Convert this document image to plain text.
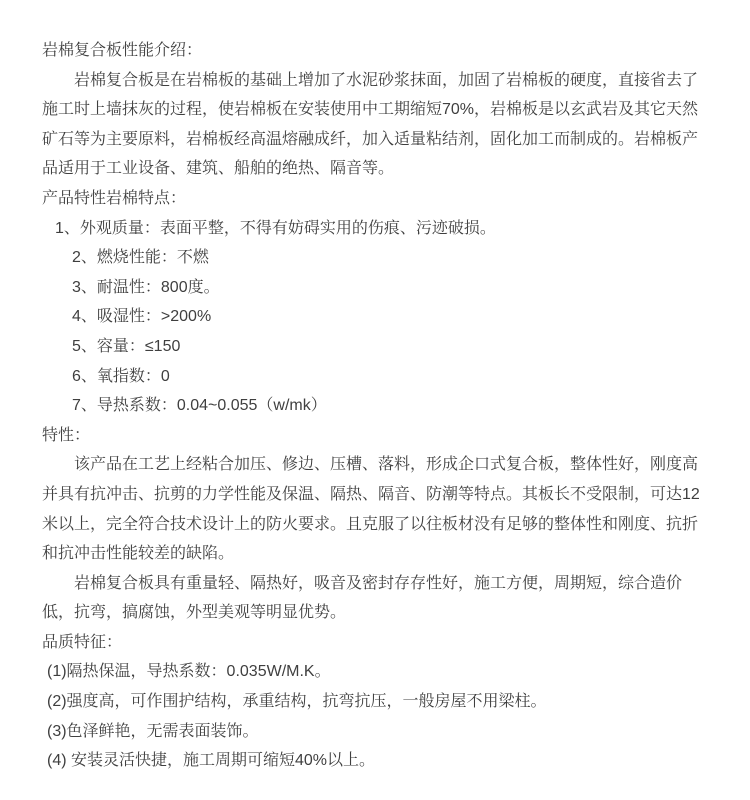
岩棉复合板性能介绍：
岩棉复合板是在岩棉板的基础上增加了水泥砂浆抹面，加固了岩棉板的硬度，直接省去了施工时上墙抹灰的过程，使岩棉板在安装使用中工期缩短70%，岩棉板是以玄武岩及其它天然矿石等为主要原料，岩棉板经高温熔融成纤，加入适量粘结剂，固化加工而制成的。岩棉板产品适用于工业设备、建筑、船舶的绝热、隔音等。
产品特性岩棉特点：
1、外观质量：表面平整，不得有妨碍实用的伤痕、污迹破损。
2、燃烧性能：不燃
3、耐温性：800度。
4、吸湿性：>200%
5、容量：≤150
6、氧指数：0
7、导热系数：0.04~0.055（w/mk）
特性：
该产品在工艺上经粘合加压、修边、压槽、落料，形成企口式复合板，整体性好，刚度高并具有抗冲击、抗剪的力学性能及保温、隔热、隔音、防潮等特点。其板长不受限制，可达12米以上，完全符合技术设计上的防火要求。且克服了以往板材没有足够的整体性和刚度、抗折和抗冲击性能较差的缺陷。
岩棉复合板具有重量轻、隔热好，吸音及密封存存性好，施工方便，周期短，综合造价低，抗弯，搞腐蚀，外型美观等明显优势。
品质特征：
(1)隔热保温，导热系数：0.035W/M.K。
(2)强度高，可作围护结构，承重结构，抗弯抗压，一般房屋不用梁柱。
(3)色泽鲜艳，无需表面装饰。
(4) 安装灵活快捷，施工周期可缩短40%以上。
